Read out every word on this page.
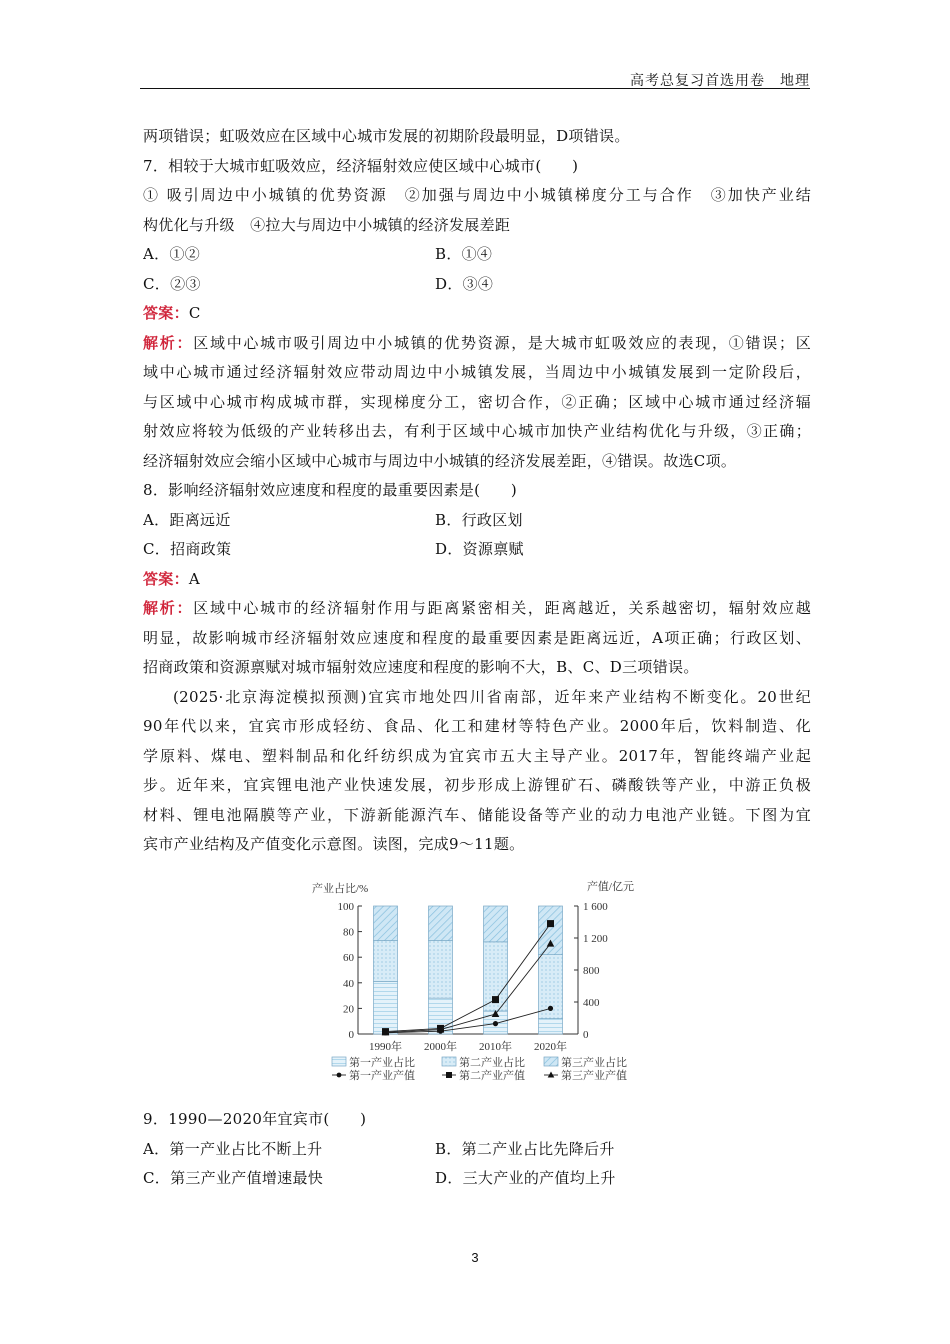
高考总复习首选用卷　地理
两项错误；虹吸效应在区域中心城市发展的初期阶段最明显，D项错误。
7．相较于大城市虹吸效应，经济辐射效应使区域中心城市(　　)
① 吸引周边中小城镇的优势资源　②加强与周边中小城镇梯度分工与合作　③加快产业结
构优化与升级　④拉大与周边中小城镇的经济发展差距
A．①②	B．①④
C．②③	D．③④
答案：C
解析：区域中心城市吸引周边中小城镇的优势资源，是大城市虹吸效应的表现，①错误；区
域中心城市通过经济辐射效应带动周边中小城镇发展，当周边中小城镇发展到一定阶段后，
与区域中心城市构成城市群，实现梯度分工，密切合作，②正确；区域中心城市通过经济辐
射效应将较为低级的产业转移出去，有利于区域中心城市加快产业结构优化与升级，③正确；
经济辐射效应会缩小区域中心城市与周边中小城镇的经济发展差距，④错误。故选C项。
8．影响经济辐射效应速度和程度的最重要因素是(　　)
A．距离远近	B．行政区划
C．招商政策	D．资源禀赋
答案：A
解析：区域中心城市的经济辐射作用与距离紧密相关，距离越近，关系越密切，辐射效应越
明显，故影响城市经济辐射效应速度和程度的最重要因素是距离远近，A项正确；行政区划、
招商政策和资源禀赋对城市辐射效应速度和程度的影响不大，B、C、D三项错误。
(2025·北京海淀模拟预测)宜宾市地处四川省南部，近年来产业结构不断变化。20世纪
90年代以来，宜宾市形成轻纺、食品、化工和建材等特色产业。2000年后，饮料制造、化
学原料、煤电、塑料制品和化纤纺织成为宜宾市五大主导产业。2017年，智能终端产业起
步。近年来，宜宾锂电池产业快速发展，初步形成上游锂矿石、磷酸铁等产业，中游正负极
材料、锂电池隔膜等产业，下游新能源汽车、储能设备等产业的动力电池产业链。下图为宜
宾市产业结构及产值变化示意图。读图，完成9～11题。
产业占比/%	产值/亿元
0
20
40
60
80
100
0
400
800
1 200
1 600
1990年 2000年 2010年 2020年
第一产业占比	第二产业占比	第三产业占比
第一产业产值	第二产业产值	第三产业产值
9．1990—2020年宜宾市(　　)
A．第一产业占比不断上升	B．第二产业占比先降后升
C．第三产业产值增速最快	D．三大产业的产值均上升
3
